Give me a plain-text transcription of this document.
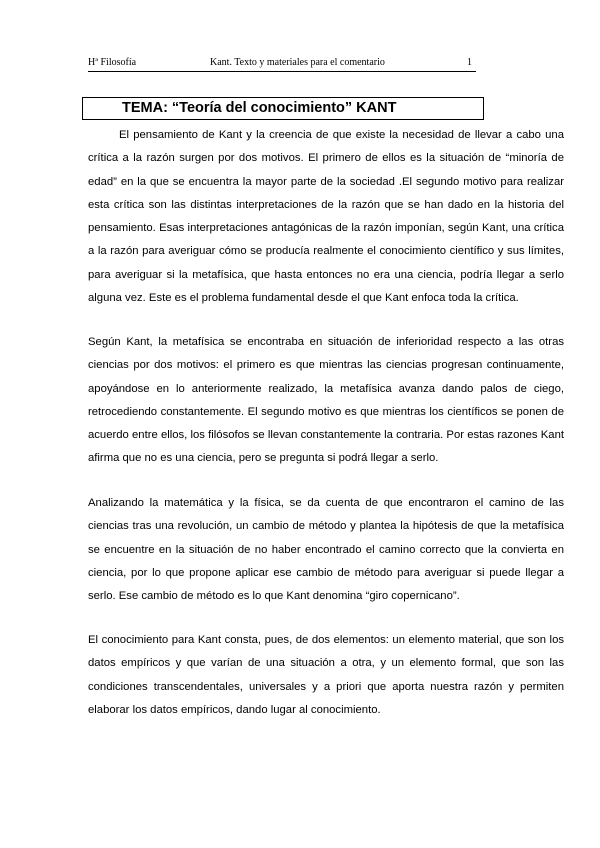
Hª Filosofía	Kant. Texto y materiales para el comentario	1
TEMA: “Teoría del conocimiento” KANT

El pensamiento de Kant y la creencia de que existe la necesidad de llevar a cabo una crítica a la razón surgen por dos motivos. El primero de ellos es la situación de “minoría de edad” en la que se encuentra la mayor parte de la sociedad .El segundo motivo para realizar esta crítica son las distintas interpretaciones de la razón que se han dado en la historia del pensamiento. Esas interpretaciones antagónicas de la razón imponían, según Kant, una crítica a la razón para averiguar cómo se producía realmente el conocimiento científico y sus límites, para averiguar si la metafísica, que hasta entonces no era una ciencia, podría llegar a serlo alguna vez. Este es el problema fundamental desde el que Kant enfoca toda la crítica.

Según Kant, la metafísica se encontraba en situación de inferioridad respecto a las otras ciencias por dos motivos: el primero es que mientras las ciencias progresan continuamente, apoyándose en lo anteriormente realizado, la metafísica avanza dando palos de ciego, retrocediendo constantemente. El segundo motivo es que mientras los científicos se ponen de acuerdo entre ellos, los filósofos se llevan constantemente la contraria. Por estas razones Kant afirma que no es una ciencia, pero se pregunta si podrá llegar a serlo.

Analizando la matemática y la física, se da cuenta de que encontraron el camino de las ciencias tras una revolución, un cambio de método y plantea la hipótesis de que la metafísica se encuentre en la situación de no haber encontrado el camino correcto que la convierta en ciencia, por lo que propone aplicar ese cambio de método para averiguar si puede llegar a serlo. Ese cambio de método es lo que Kant denomina “giro copernicano”.

El conocimiento para Kant consta, pues, de dos elementos: un elemento material, que son los datos empíricos y que varían de una situación a otra, y un elemento formal, que son las condiciones transcendentales, universales y a priori que aporta nuestra razón y permiten elaborar los datos empíricos, dando lugar al conocimiento.
